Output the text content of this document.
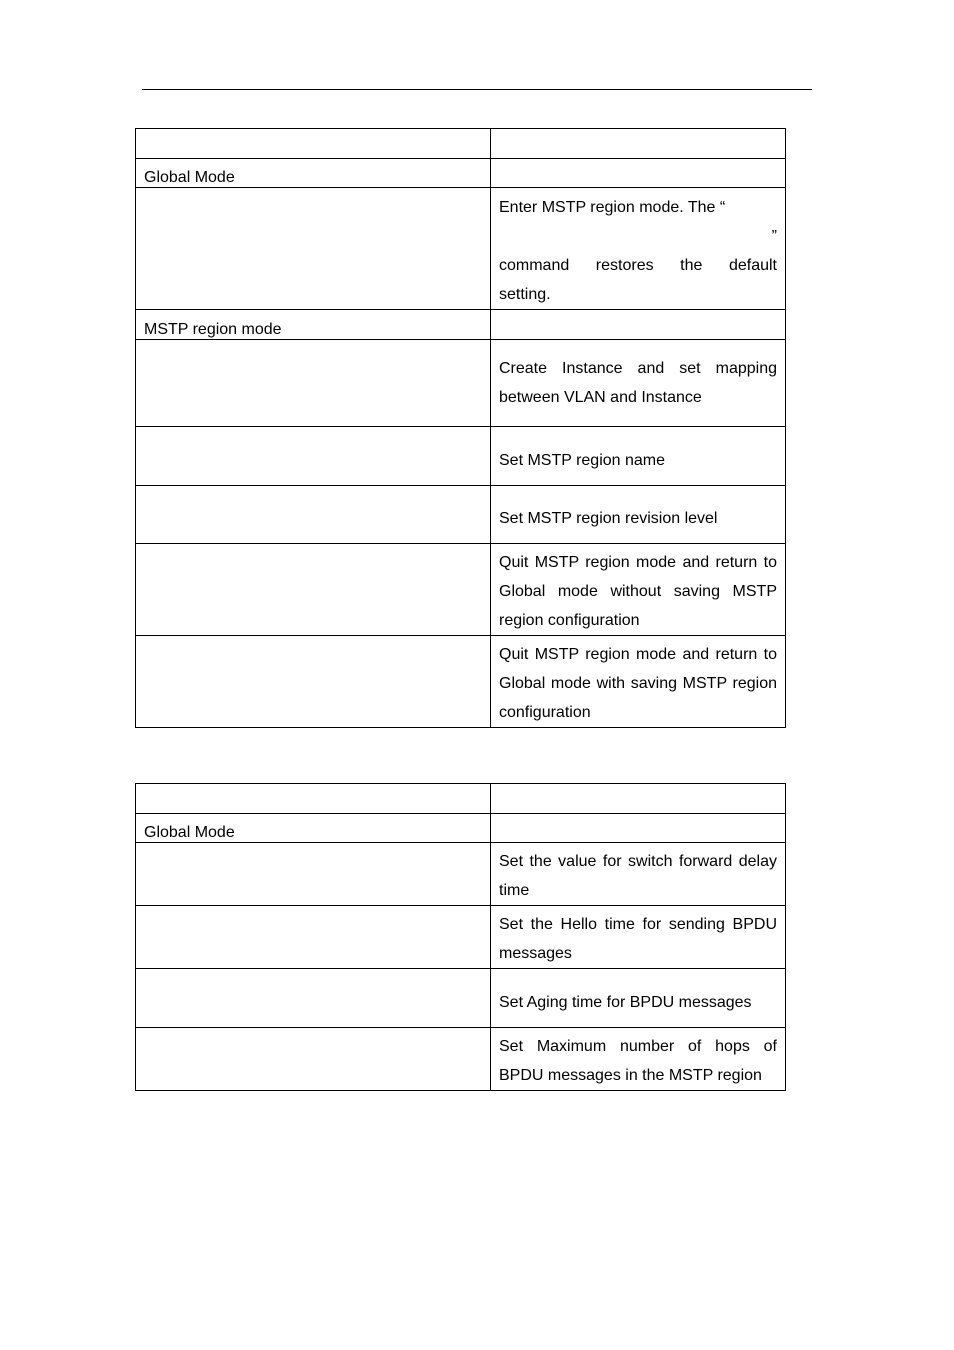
Global Mode	

	Enter MSTP region mode. The “
”
command restores the default
setting.

MSTP region mode	
	Create Instance and set mapping between VLAN and Instance
	Set MSTP region name
	Set MSTP region revision level
	Quit MSTP region mode and return to Global mode without saving MSTP region configuration
	Quit MSTP region mode and return to Global mode with saving MSTP region configuration

Global Mode	
	Set the value for switch forward delay time
	Set the Hello time for sending BPDU messages
	Set Aging time for BPDU messages
	Set Maximum number of hops of BPDU messages in the MSTP region
